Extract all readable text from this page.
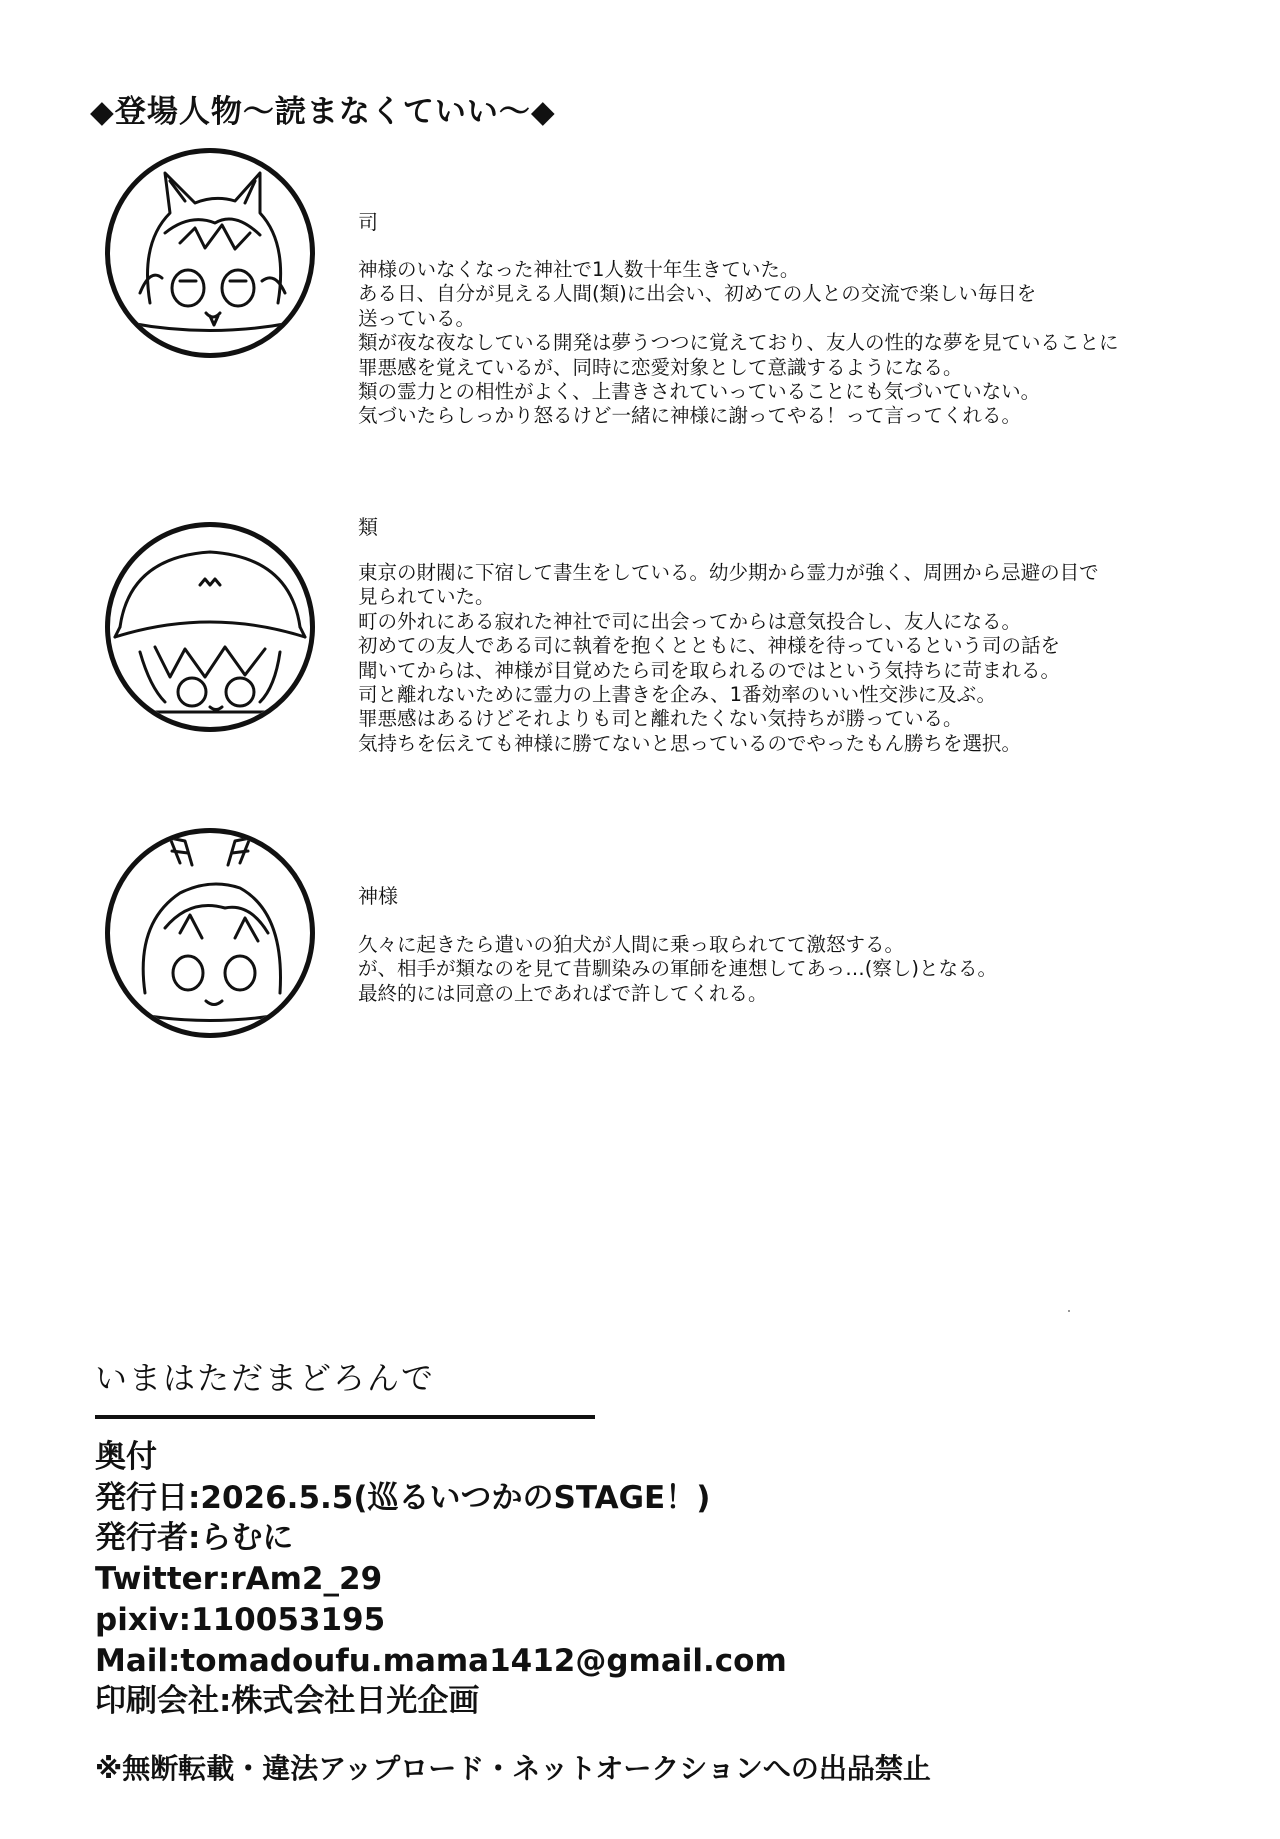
◆登場人物〜読まなくていい〜◆
司
神様のいなくなった神社で1人数十年生きていた。
ある日、自分が見える人間(類)に出会い、初めての人との交流で楽しい毎日を
送っている。
類が夜な夜なしている開発は夢うつつに覚えており、友人の性的な夢を見ていることに
罪悪感を覚えているが、同時に恋愛対象として意識するようになる。
類の霊力との相性がよく、上書きされていっていることにも気づいていない。
気づいたらしっかり怒るけど一緒に神様に謝ってやる！って言ってくれる。
類
東京の財閥に下宿して書生をしている。幼少期から霊力が強く、周囲から忌避の目で
見られていた。
町の外れにある寂れた神社で司に出会ってからは意気投合し、友人になる。
初めての友人である司に執着を抱くとともに、神様を待っているという司の話を
聞いてからは、神様が目覚めたら司を取られるのではという気持ちに苛まれる。
司と離れないために霊力の上書きを企み、1番効率のいい性交渉に及ぶ。
罪悪感はあるけどそれよりも司と離れたくない気持ちが勝っている。
気持ちを伝えても神様に勝てないと思っているのでやったもん勝ちを選択。
神様
久々に起きたら遣いの狛犬が人間に乗っ取られてて激怒する。
が、相手が類なのを見て昔馴染みの軍師を連想してあっ…(察し)となる。
最終的には同意の上であればで許してくれる。
いまはただまどろんで
奥付
発行日:2026.5.5(巡るいつかのSTAGE！)
発行者:らむに
Twitter:rAm2_29
pixiv:110053195
Mail:tomadoufu.mama1412@gmail.com
印刷会社:株式会社日光企画
※無断転載・違法アップロード・ネットオークションへの出品禁止
